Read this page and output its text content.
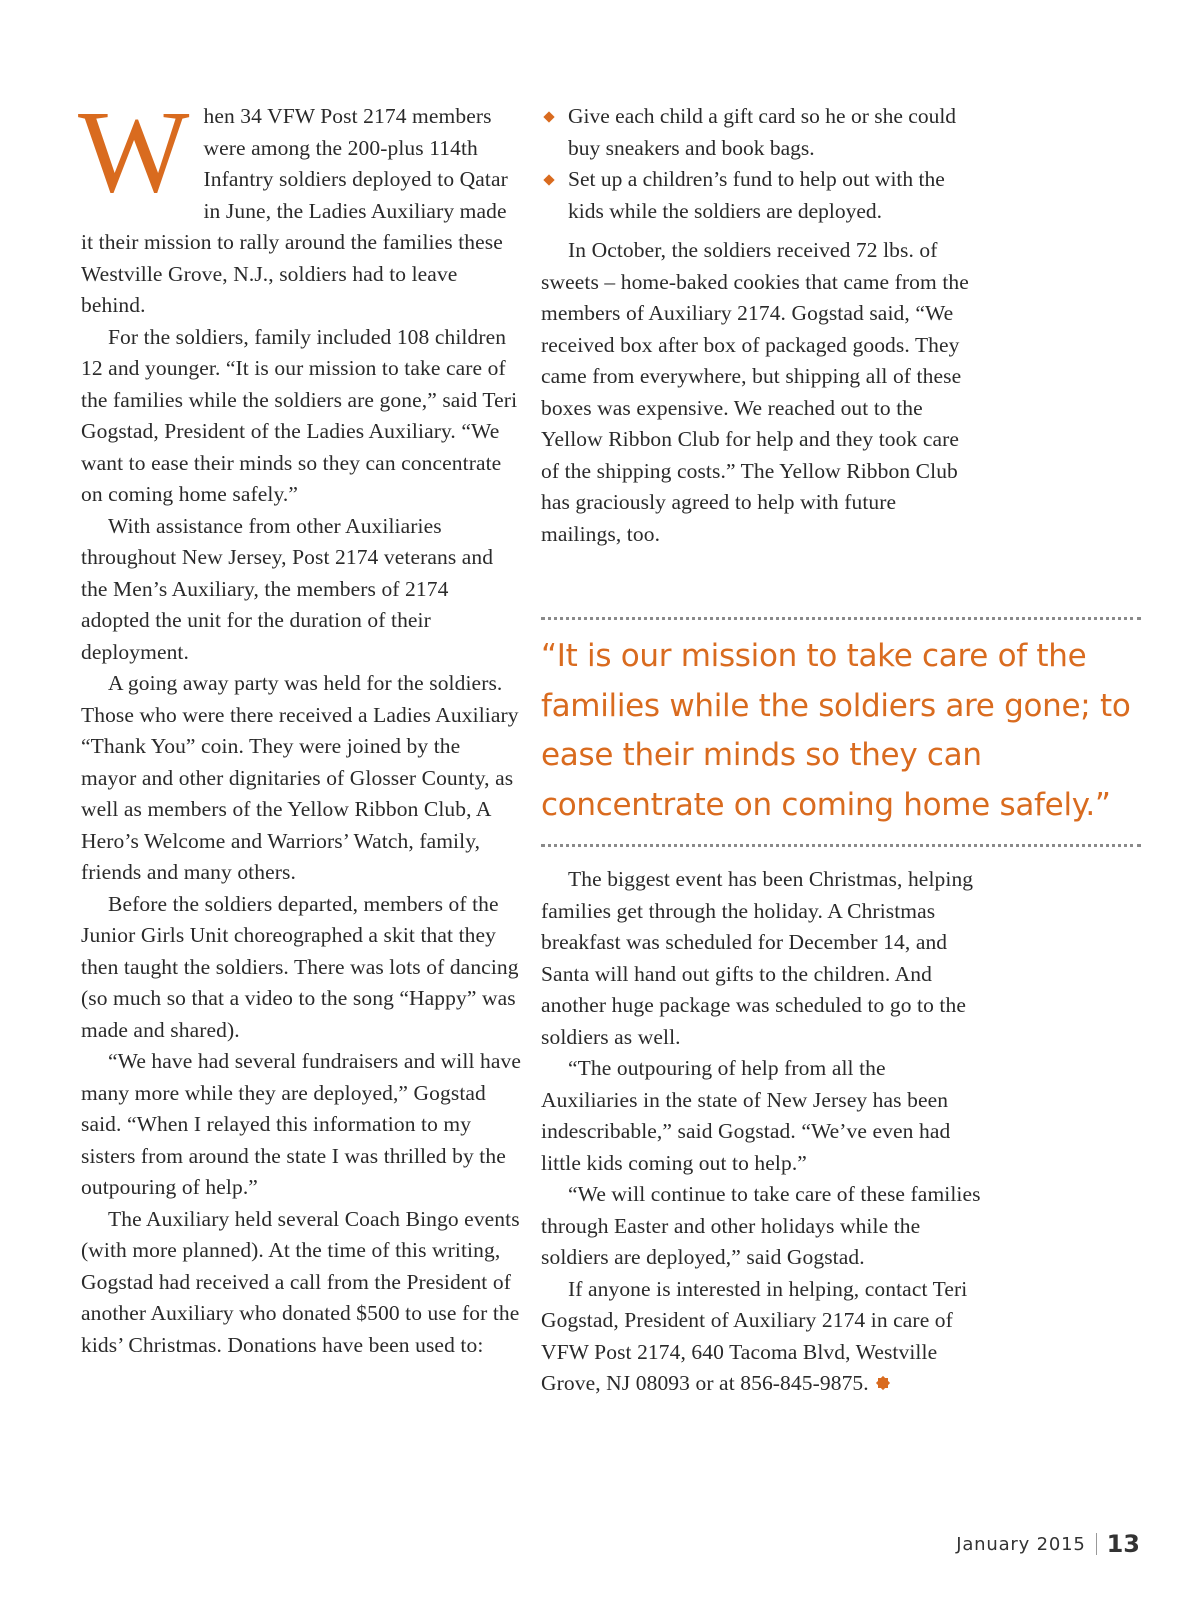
When 34 VFW Post 2174 members were among the 200-plus 114th Infantry soldiers deployed to Qatar in June, the Ladies Auxiliary made it their mission to rally around the families these Westville Grove, N.J., soldiers had to leave behind.

For the soldiers, family included 108 children 12 and younger. “It is our mission to take care of the families while the soldiers are gone,” said Teri Gogstad, President of the Ladies Auxiliary. “We want to ease their minds so they can concentrate on coming home safely.”

With assistance from other Auxiliaries throughout New Jersey, Post 2174 veterans and the Men’s Auxiliary, the members of 2174 adopted the unit for the duration of their deployment.

A going away party was held for the soldiers. Those who were there received a Ladies Auxiliary “Thank You” coin. They were joined by the mayor and other dignitaries of Glosser County, as well as members of the Yellow Ribbon Club, A Hero’s Welcome and Warriors’ Watch, family, friends and many others.

Before the soldiers departed, members of the Junior Girls Unit choreographed a skit that they then taught the soldiers. There was lots of dancing (so much so that a video to the song “Happy” was made and shared).

“We have had several fundraisers and will have many more while they are deployed,” Gogstad said. “When I relayed this information to my sisters from around the state I was thrilled by the outpouring of help.”

The Auxiliary held several Coach Bingo events (with more planned). At the time of this writing, Gogstad had received a call from the President of another Auxiliary who donated $500 to use for the kids’ Christmas. Donations have been used to:

Give each child a gift card so he or she could buy sneakers and book bags.
Set up a children’s fund to help out with the kids while the soldiers are deployed.

In October, the soldiers received 72 lbs. of sweets – home-baked cookies that came from the members of Auxiliary 2174. Gogstad said, “We received box after box of packaged goods. They came from everywhere, but shipping all of these boxes was expensive. We reached out to the Yellow Ribbon Club for help and they took care of the shipping costs.” The Yellow Ribbon Club has graciously agreed to help with future mailings, too.

“It is our mission to take care of the families while the soldiers are gone; to ease their minds so they can concentrate on coming home safely.”

The biggest event has been Christmas, helping families get through the holiday. A Christmas breakfast was scheduled for December 14, and Santa will hand out gifts to the children. And another huge package was scheduled to go to the soldiers as well.

“The outpouring of help from all the Auxiliaries in the state of New Jersey has been indescribable,” said Gogstad. “We’ve even had little kids coming out to help.”

“We will continue to take care of these families through Easter and other holidays while the soldiers are deployed,” said Gogstad.

If anyone is interested in helping, contact Teri Gogstad, President of Auxiliary 2174 in care of VFW Post 2174, 640 Tacoma Blvd, Westville Grove, NJ 08093 or at 856-845-9875.

January 2015 13
